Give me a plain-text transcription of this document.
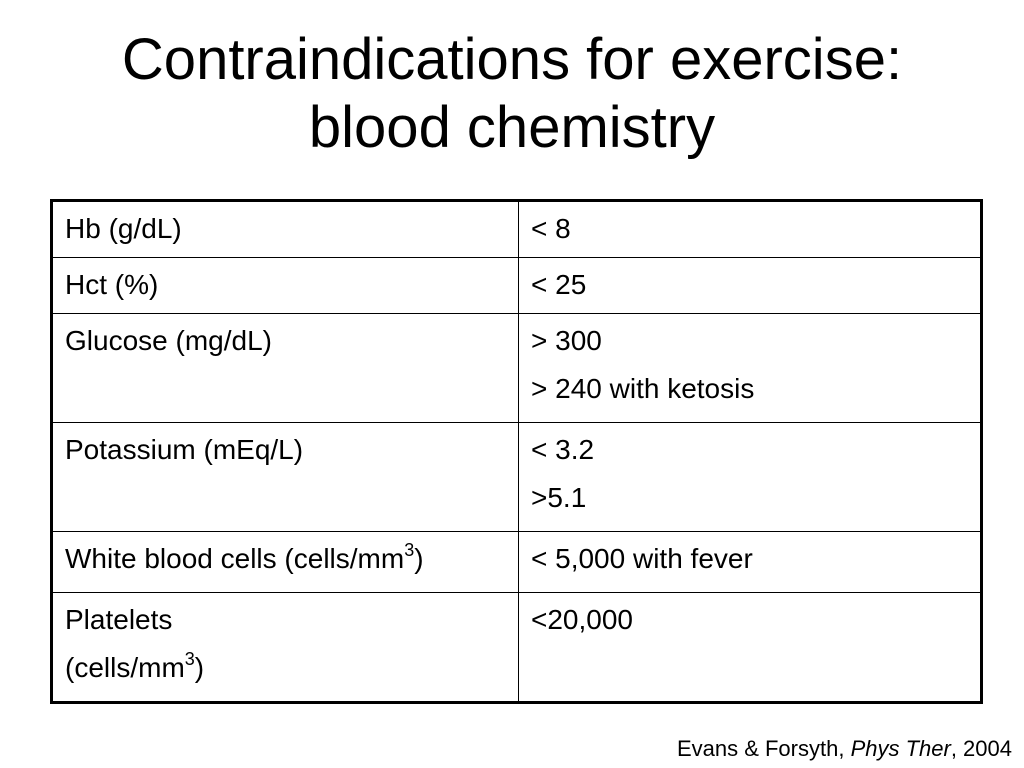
Contraindications for exercise:
blood chemistry
Hb (g/dL)	< 8

Hct (%)	< 25

Glucose (mg/dL)	> 300
> 240 with ketosis

Potassium (mEq/L)	< 3.2
>5.1

White blood cells $(cells/mm^3)$	< 5,000 with fever

Platelets
$(cells/mm^3)$	<20,000
Evans & Forsyth, Phys Ther, 2004
